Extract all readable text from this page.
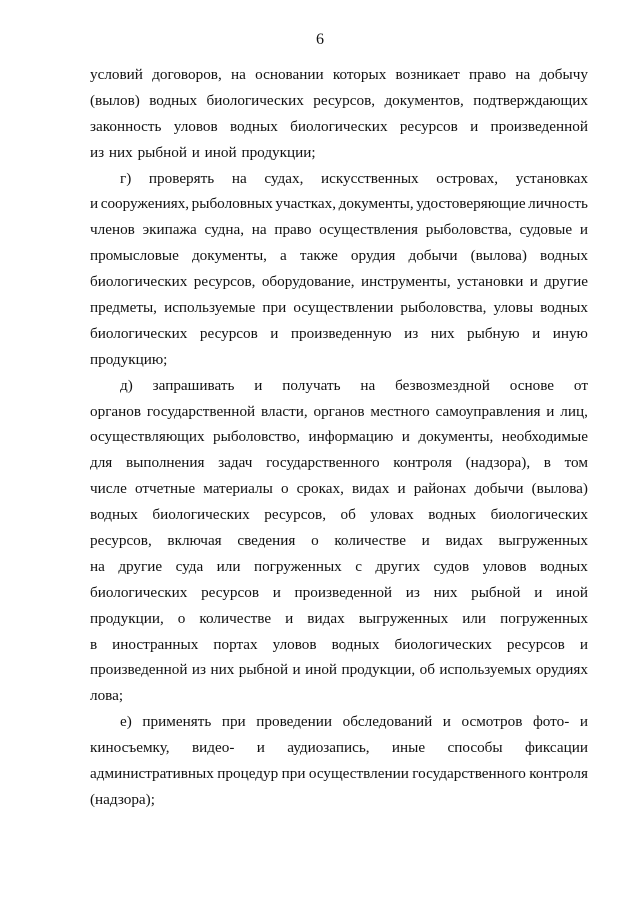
6
условий договоров, на основании которых возникает право на добычу
(вылов) водных биологических ресурсов, документов, подтверждающих
законность уловов водных биологических ресурсов и произведенной
из них рыбной и иной продукции;
г) проверять на судах, искусственных островах, установках
и сооружениях, рыболовных участках, документы, удостоверяющие личность
членов экипажа судна, на право осуществления рыболовства, судовые и
промысловые документы, а также орудия добычи (вылова) водных
биологических ресурсов, оборудование, инструменты, установки и другие
предметы, используемые при осуществлении рыболовства, уловы водных
биологических ресурсов и произведенную из них рыбную и иную
продукцию;
д) запрашивать и получать на безвозмездной основе от
органов государственной власти, органов местного самоуправления и лиц,
осуществляющих рыболовство, информацию и документы, необходимые
для выполнения задач государственного контроля (надзора), в том
числе отчетные материалы о сроках, видах и районах добычи (вылова)
водных биологических ресурсов, об уловах водных биологических
ресурсов, включая сведения о количестве и видах выгруженных
на другие суда или погруженных с других судов уловов водных
биологических ресурсов и произведенной из них рыбной и иной
продукции, о количестве и видах выгруженных или погруженных
в иностранных портах уловов водных биологических ресурсов и
произведенной из них рыбной и иной продукции, об используемых орудиях
лова;
е) применять при проведении обследований и осмотров фото- и
киносъемку, видео- и аудиозапись, иные способы фиксации
административных процедур при осуществлении государственного контроля
(надзора);
